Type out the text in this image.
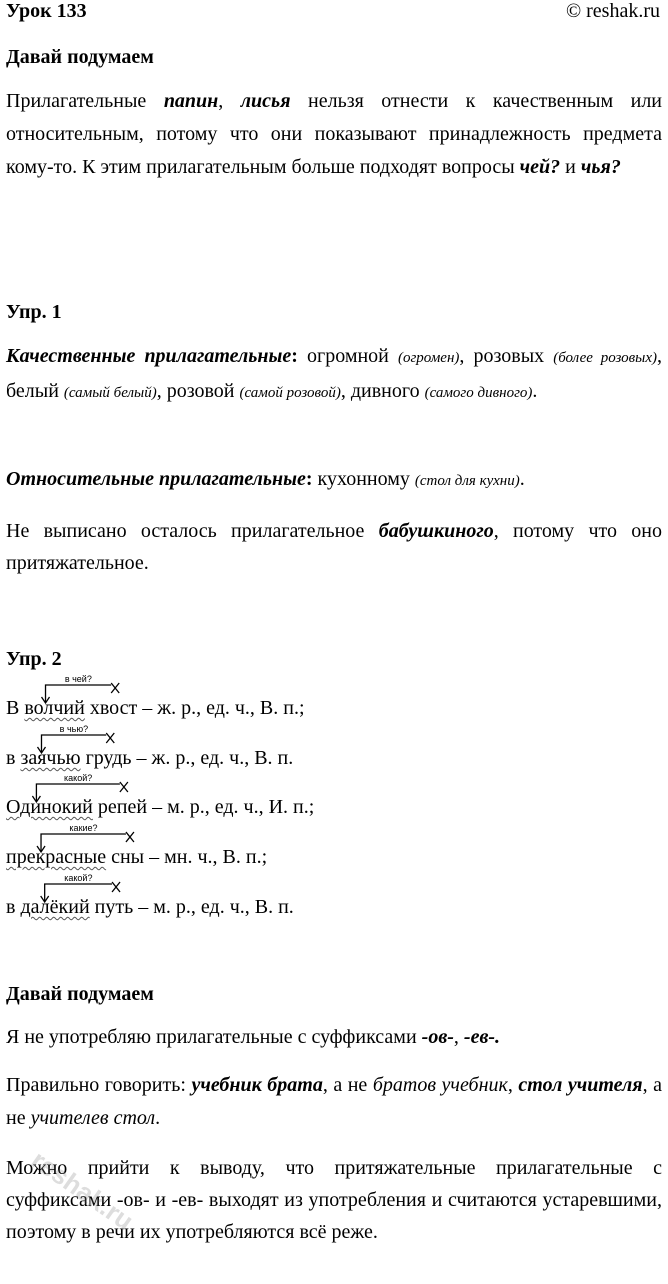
Урок 133	© reshak.ru
Давай подумаем
Прилагательные папин, лисья нельзя отнести к качественным или относительным, потому что они показывают принадлежность предмета кому-то. К этим прилагательным больше подходят вопросы чей? и чья?
Упр. 1
Качественные прилагательные: огромной (огромен), розовых (более розовых), белый (самый белый), розовой (самой розовой), дивного (самого дивного).
Относительные прилагательные: кухонному (стол для кухни).
Не выписано осталось прилагательное бабушкиного, потому что оно притяжательное.
Упр. 2
В волчий хвост – ж. р., ед. ч., В. п.;
в чей?
в заячью грудь – ж. р., ед. ч., В. п.
в чью?
Одинокий репей – м. р., ед. ч., И. п.;
какой?
прекрасные сны – мн. ч., В. п.;
какие?
в далёкий путь – м. р., ед. ч., В. п.
какой?
Давай подумаем
Я не употребляю прилагательные с суффиксами -ов-, -ев-.
Правильно говорить: учебник брата, а не братов учебник, стол учителя, а не учителев стол.
Можно прийти к выводу, что притяжательные прилагательные с суффиксами -ов- и -ев- выходят из употребления и считаются устаревшими, поэтому в речи их употребляются всё реже.
reshak.ru
